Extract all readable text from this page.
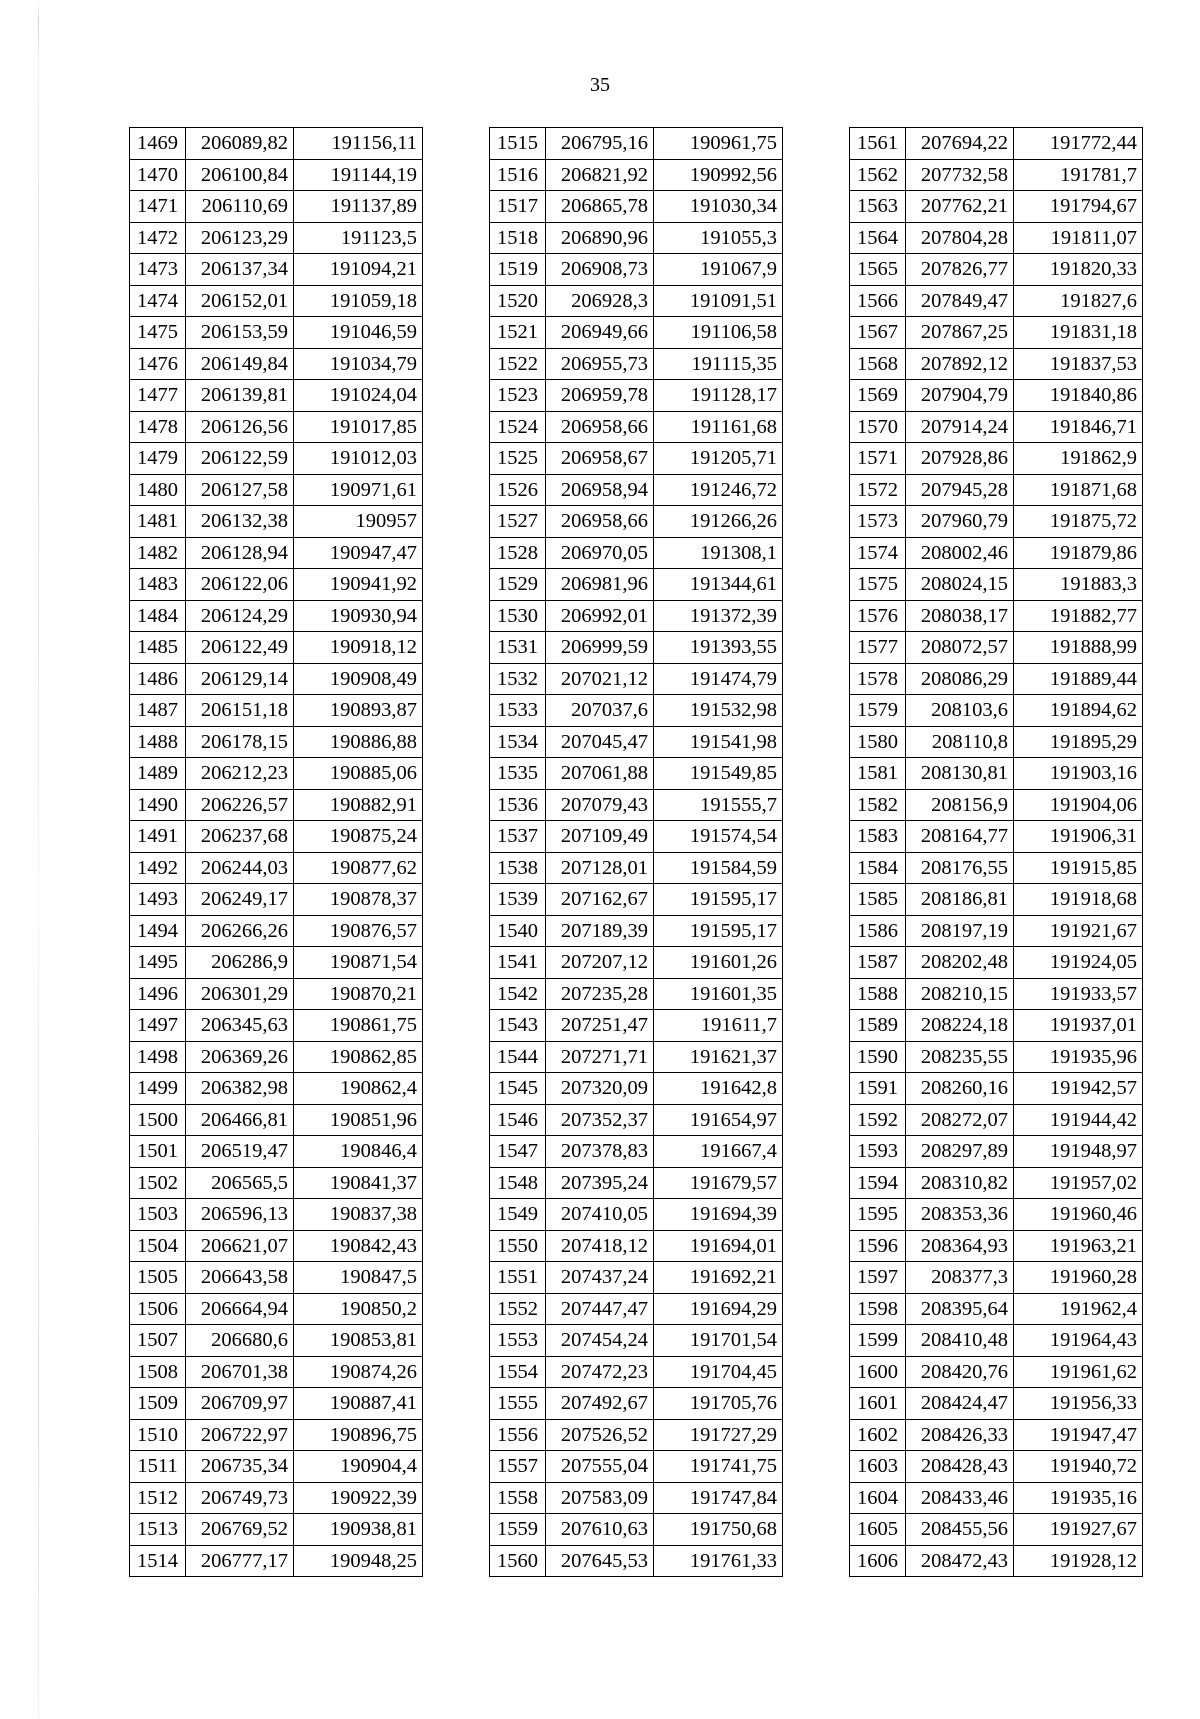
35
1469	206089,82	191156,11
1470	206100,84	191144,19
1471	206110,69	191137,89
1472	206123,29	191123,5
1473	206137,34	191094,21
1474	206152,01	191059,18
1475	206153,59	191046,59
1476	206149,84	191034,79
1477	206139,81	191024,04
1478	206126,56	191017,85
1479	206122,59	191012,03
1480	206127,58	190971,61
1481	206132,38	190957
1482	206128,94	190947,47
1483	206122,06	190941,92
1484	206124,29	190930,94
1485	206122,49	190918,12
1486	206129,14	190908,49
1487	206151,18	190893,87
1488	206178,15	190886,88
1489	206212,23	190885,06
1490	206226,57	190882,91
1491	206237,68	190875,24
1492	206244,03	190877,62
1493	206249,17	190878,37
1494	206266,26	190876,57
1495	206286,9	190871,54
1496	206301,29	190870,21
1497	206345,63	190861,75
1498	206369,26	190862,85
1499	206382,98	190862,4
1500	206466,81	190851,96
1501	206519,47	190846,4
1502	206565,5	190841,37
1503	206596,13	190837,38
1504	206621,07	190842,43
1505	206643,58	190847,5
1506	206664,94	190850,2
1507	206680,6	190853,81
1508	206701,38	190874,26
1509	206709,97	190887,41
1510	206722,97	190896,75
1511	206735,34	190904,4
1512	206749,73	190922,39
1513	206769,52	190938,81
1514	206777,17	190948,25
1515	206795,16	190961,75
1516	206821,92	190992,56
1517	206865,78	191030,34
1518	206890,96	191055,3
1519	206908,73	191067,9
1520	206928,3	191091,51
1521	206949,66	191106,58
1522	206955,73	191115,35
1523	206959,78	191128,17
1524	206958,66	191161,68
1525	206958,67	191205,71
1526	206958,94	191246,72
1527	206958,66	191266,26
1528	206970,05	191308,1
1529	206981,96	191344,61
1530	206992,01	191372,39
1531	206999,59	191393,55
1532	207021,12	191474,79
1533	207037,6	191532,98
1534	207045,47	191541,98
1535	207061,88	191549,85
1536	207079,43	191555,7
1537	207109,49	191574,54
1538	207128,01	191584,59
1539	207162,67	191595,17
1540	207189,39	191595,17
1541	207207,12	191601,26
1542	207235,28	191601,35
1543	207251,47	191611,7
1544	207271,71	191621,37
1545	207320,09	191642,8
1546	207352,37	191654,97
1547	207378,83	191667,4
1548	207395,24	191679,57
1549	207410,05	191694,39
1550	207418,12	191694,01
1551	207437,24	191692,21
1552	207447,47	191694,29
1553	207454,24	191701,54
1554	207472,23	191704,45
1555	207492,67	191705,76
1556	207526,52	191727,29
1557	207555,04	191741,75
1558	207583,09	191747,84
1559	207610,63	191750,68
1560	207645,53	191761,33
1561	207694,22	191772,44
1562	207732,58	191781,7
1563	207762,21	191794,67
1564	207804,28	191811,07
1565	207826,77	191820,33
1566	207849,47	191827,6
1567	207867,25	191831,18
1568	207892,12	191837,53
1569	207904,79	191840,86
1570	207914,24	191846,71
1571	207928,86	191862,9
1572	207945,28	191871,68
1573	207960,79	191875,72
1574	208002,46	191879,86
1575	208024,15	191883,3
1576	208038,17	191882,77
1577	208072,57	191888,99
1578	208086,29	191889,44
1579	208103,6	191894,62
1580	208110,8	191895,29
1581	208130,81	191903,16
1582	208156,9	191904,06
1583	208164,77	191906,31
1584	208176,55	191915,85
1585	208186,81	191918,68
1586	208197,19	191921,67
1587	208202,48	191924,05
1588	208210,15	191933,57
1589	208224,18	191937,01
1590	208235,55	191935,96
1591	208260,16	191942,57
1592	208272,07	191944,42
1593	208297,89	191948,97
1594	208310,82	191957,02
1595	208353,36	191960,46
1596	208364,93	191963,21
1597	208377,3	191960,28
1598	208395,64	191962,4
1599	208410,48	191964,43
1600	208420,76	191961,62
1601	208424,47	191956,33
1602	208426,33	191947,47
1603	208428,43	191940,72
1604	208433,46	191935,16
1605	208455,56	191927,67
1606	208472,43	191928,12
